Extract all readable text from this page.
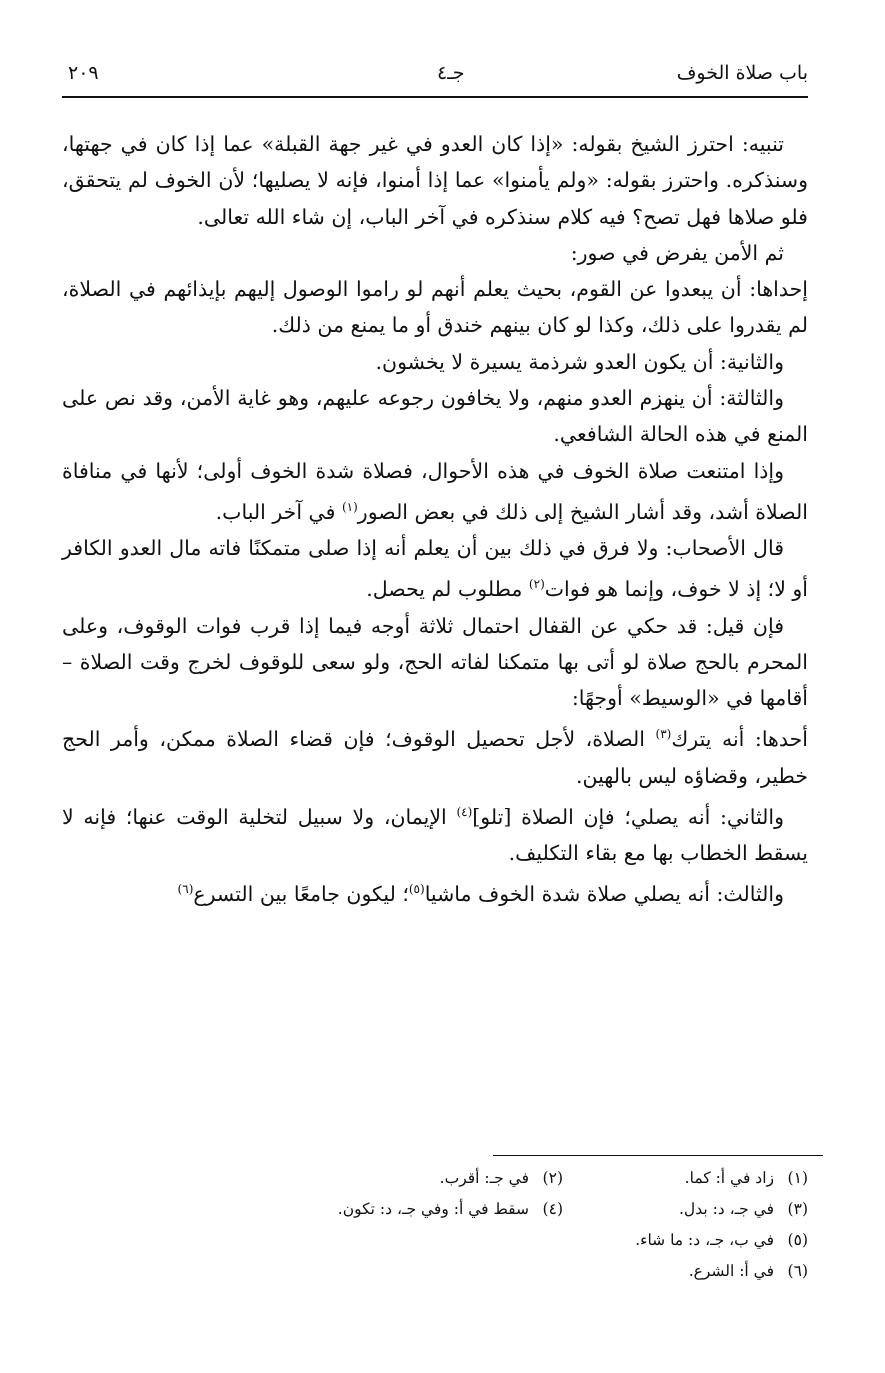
باب صلاة الخوف
جـ٤
٢٠٩

تنبيه: احترز الشيخ بقوله: «إذا كان العدو في غير جهة القبلة» عما إذا كان في جهتها، وسنذكره. واحترز بقوله: «ولم يأمنوا» عما إذا أمنوا، فإنه لا يصليها؛ لأن الخوف لم يتحقق، فلو صلاها فهل تصح؟ فيه كلام سنذكره في آخر الباب، إن شاء الله تعالى.

ثم الأمن يفرض في صور:

إحداها: أن يبعدوا عن القوم، بحيث يعلم أنهم لو راموا الوصول إليهم بإيذائهم في الصلاة، لم يقدروا على ذلك، وكذا لو كان بينهم خندق أو ما يمنع من ذلك.

والثانية: أن يكون العدو شرذمة يسيرة لا يخشون.

والثالثة: أن ينهزم العدو منهم، ولا يخافون رجوعه عليهم، وهو غاية الأمن، وقد نص على المنع في هذه الحالة الشافعي.

وإذا امتنعت صلاة الخوف في هذه الأحوال، فصلاة شدة الخوف أولى؛ لأنها في منافاة الصلاة أشد، وقد أشار الشيخ إلى ذلك في بعض الصور$^{(١)}$ في آخر الباب.

قال الأصحاب: ولا فرق في ذلك بين أن يعلم أنه إذا صلى متمكنًا فاته مال العدو الكافر أو لا؛ إذ لا خوف، وإنما هو فوات$^{(٢)}$ مطلوب لم يحصل.

فإن قيل: قد حكي عن القفال احتمال ثلاثة أوجه فيما إذا قرب فوات الوقوف، وعلى المحرم بالحج صلاة لو أتى بها متمكنا لفاته الحج، ولو سعى للوقوف لخرج وقت الصلاة – أقامها في «الوسيط» أوجهًا:

أحدها: أنه يترك$^{(٣)}$ الصلاة، لأجل تحصيل الوقوف؛ فإن قضاء الصلاة ممكن، وأمر الحج خطير، وقضاؤه ليس بالهين.

والثاني: أنه يصلي؛ فإن الصلاة [تلو]$^{(٤)}$ الإيمان، ولا سبيل لتخلية الوقت عنها؛ فإنه لا يسقط الخطاب بها مع بقاء التكليف.

والثالث: أنه يصلي صلاة شدة الخوف ماشيا$^{(٥)}$؛ ليكون جامعًا بين التسرع$^{(٦)}$

(١)زاد في أ: كما.
(٢)في جـ: أقرب.
(٣)في جـ، د: بدل.
(٤)سقط في أ: وفي جـ، د: تكون.
(٥)في ب، جـ، د: ما شاء.
(٦)في أ: الشرع.
